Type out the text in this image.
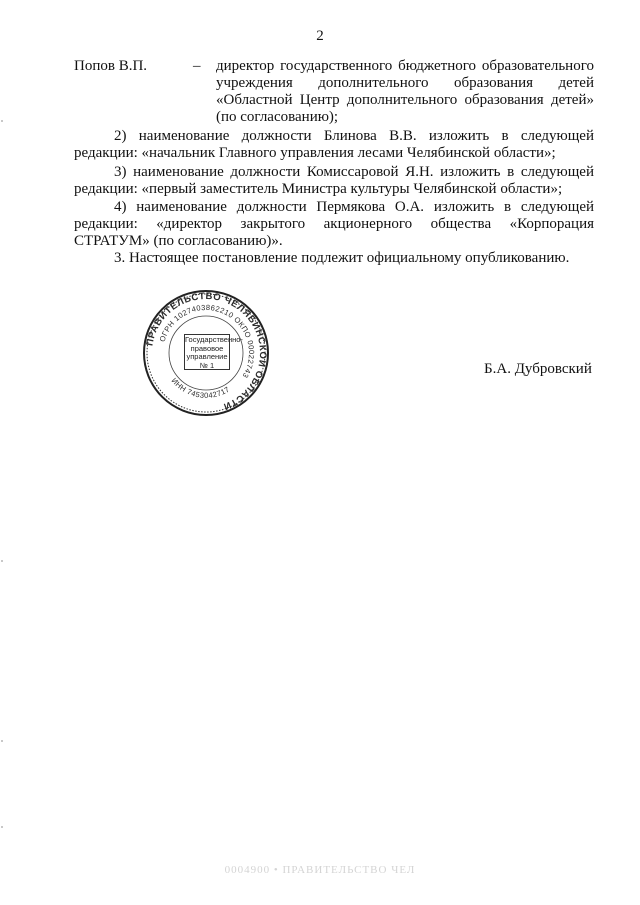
2
Попов В.П.	– директор государственного бюджетного образовательного учреждения дополнительного образования детей «Областной Центр дополнительного образования детей» (по согласованию);
2) наименование должности Блинова В.В. изложить в следующей редакции: «начальник Главного управления лесами Челябинской области»;
3) наименование должности Комиссаровой Я.Н. изложить в следующей редакции: «первый заместитель Министра культуры Челябинской области»;
4) наименование должности Пермякова О.А. изложить в следующей редакции: «директор закрытого акционерного общества «Корпорация СТРАТУМ» (по согласованию)».
3. Настоящее постановление подлежит официальному опубликованию.
ПРАВИТЕЛЬСТВО ЧЕЛЯБИНСКОЙ ОБЛАСТИ
ОГРН 1027403862210 ОКПО 00022743
ИНН 7453042717
Государственно-
правовое
управление
№ 1	Б.А. Дубровский
0004900 • ПРАВИТЕЛЬСТВО ЧЕЛ
